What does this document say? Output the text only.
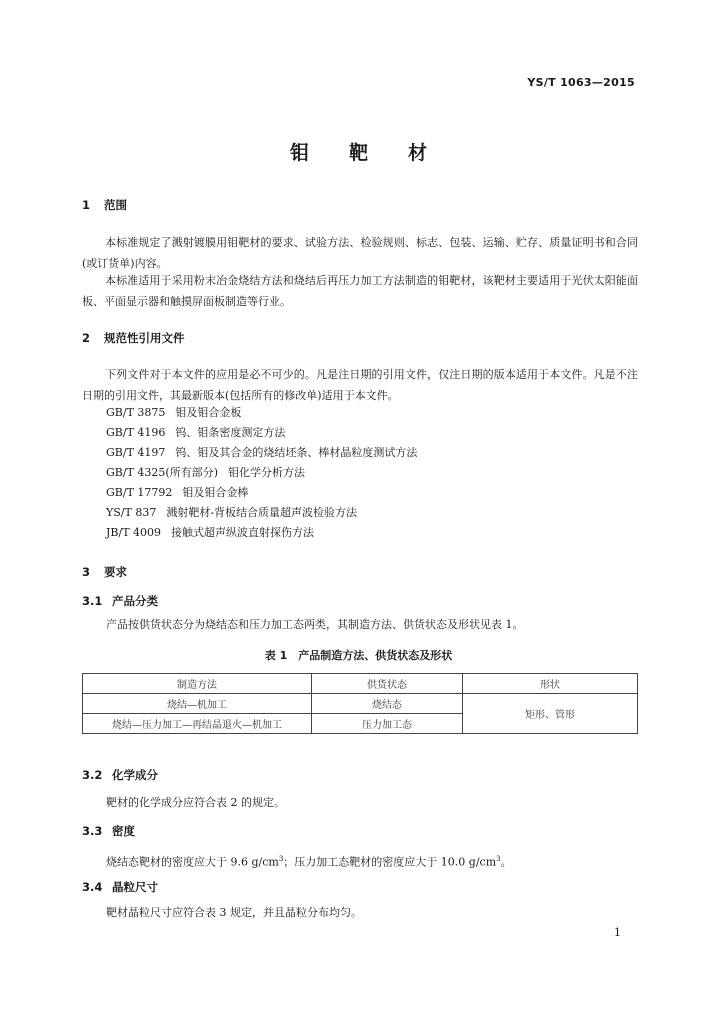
YS/T 1063—2015
钼靶材
1 范围
本标准规定了溅射镀膜用钼靶材的要求、试验方法、检验规则、标志、包装、运输、贮存、质量证明书和合同(或订货单)内容。
本标准适用于采用粉末冶金烧结方法和烧结后再压力加工方法制造的钼靶材，该靶材主要适用于光伏太阳能面板、平面显示器和触摸屏面板制造等行业。
2 规范性引用文件
下列文件对于本文件的应用是必不可少的。凡是注日期的引用文件，仅注日期的版本适用于本文件。凡是不注日期的引用文件，其最新版本(包括所有的修改单)适用于本文件。
GB/T 3875 钼及钼合金板
GB/T 4196 钨、钼条密度测定方法
GB/T 4197 钨、钼及其合金的烧结坯条、棒材晶粒度测试方法
GB/T 4325(所有部分) 钼化学分析方法
GB/T 17792 钼及钼合金棒
YS/T 837 溅射靶材-背板结合质量超声波检验方法
JB/T 4009 接触式超声纵波直射探伤方法
3 要求
3.1 产品分类
产品按供货状态分为烧结态和压力加工态两类，其制造方法、供货状态及形状见表 1。
表 1　产品制造方法、供货状态及形状
制造方法	供货状态	形状
烧结—机加工	烧结态	矩形、管形
烧结—压力加工—再结晶退火—机加工	压力加工态	
3.2 化学成分
靶材的化学成分应符合表 2 的规定。
3.3 密度
烧结态靶材的密度应大于 9.6 $g/cm^3$；压力加工态靶材的密度应大于 10.0 $g/cm^3$。
3.4 晶粒尺寸
靶材晶粒尺寸应符合表 3 规定，并且晶粒分布均匀。
1
